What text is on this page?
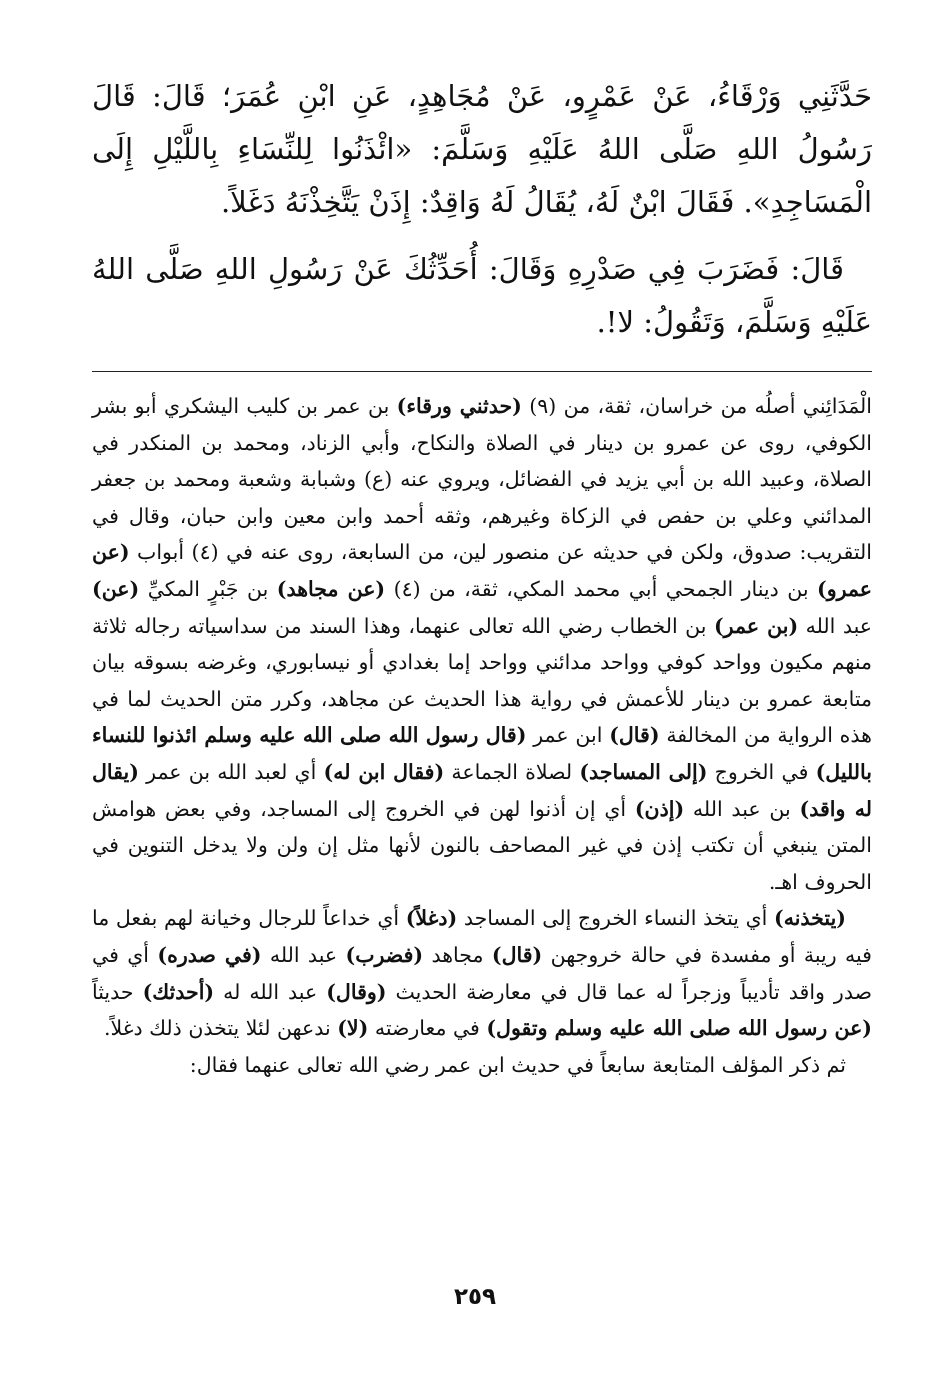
حَدَّثَنِي وَرْقَاءُ، عَنْ عَمْرٍو، عَنْ مُجَاهِدٍ، عَنِ ابْنِ عُمَرَ؛ قَالَ: قَالَ رَسُولُ اللهِ صَلَّى اللهُ عَلَيْهِ وَسَلَّمَ: «ائْذَنُوا لِلنِّسَاءِ بِاللَّيْلِ إِلَى الْمَسَاجِدِ». فَقَالَ ابْنٌ لَهُ، يُقَالُ لَهُ وَاقِدٌ: إِذَنْ يَتَّخِذْنَهُ دَغَلاً.

قَالَ: فَضَرَبَ فِي صَدْرِهِ وَقَالَ: أُحَدِّثُكَ عَنْ رَسُولِ اللهِ صَلَّى اللهُ عَلَيْهِ وَسَلَّمَ، وَتَقُولُ: لا!.

الْمَدَائِني أصلُه من خراسان، ثقة، من (٩) (حدثني ورقاء) بن عمر بن كليب اليشكري أبو بشر الكوفي، روى عن عمرو بن دينار في الصلاة والنكاح، وأبي الزناد، ومحمد بن المنكدر في الصلاة، وعبيد الله بن أبي يزيد في الفضائل، ويروي عنه (ع) وشبابة وشعبة ومحمد بن جعفر المدائني وعلي بن حفص في الزكاة وغيرهم، وثقه أحمد وابن معين وابن حبان، وقال في التقريب: صدوق، ولكن في حديثه عن منصور لين، من السابعة، روى عنه في (٤) أبواب (عن عمرو) بن دينار الجمحي أبي محمد المكي، ثقة، من (٤) (عن مجاهد) بن جَبْرٍ المكيِّ (عن) عبد الله (بن عمر) بن الخطاب رضي الله تعالى عنهما، وهذا السند من سداسياته رجاله ثلاثة منهم مكيون وواحد كوفي وواحد مدائني وواحد إما بغدادي أو نيسابوري، وغرضه بسوقه بيان متابعة عمرو بن دينار للأعمش في رواية هذا الحديث عن مجاهد، وكرر متن الحديث لما في هذه الرواية من المخالفة (قال) ابن عمر (قال رسول الله صلى الله عليه وسلم ائذنوا للنساء بالليل) في الخروج (إلى المساجد) لصلاة الجماعة (فقال ابن له) أي لعبد الله بن عمر (يقال له واقد) بن عبد الله (إذن) أي إن أذنوا لهن في الخروج إلى المساجد، وفي بعض هوامش المتن ينبغي أن تكتب إذن في غير المصاحف بالنون لأنها مثل إن ولن ولا يدخل التنوين في الحروف اهـ.

(يتخذنه) أي يتخذ النساء الخروج إلى المساجد (دغلاً) أي خداعاً للرجال وخيانة لهم بفعل ما فيه ريبة أو مفسدة في حالة خروجهن (قال) مجاهد (فضرب) عبد الله (في صدره) أي في صدر واقد تأديباً وزجراً له عما قال في معارضة الحديث (وقال) عبد الله له (أحدثك) حديثاً (عن رسول الله صلى الله عليه وسلم وتقول) في معارضته (لا) ندعهن لئلا يتخذن ذلك دغلاً.

ثم ذكر المؤلف المتابعة سابعاً في حديث ابن عمر رضي الله تعالى عنهما فقال:

٢٥٩
